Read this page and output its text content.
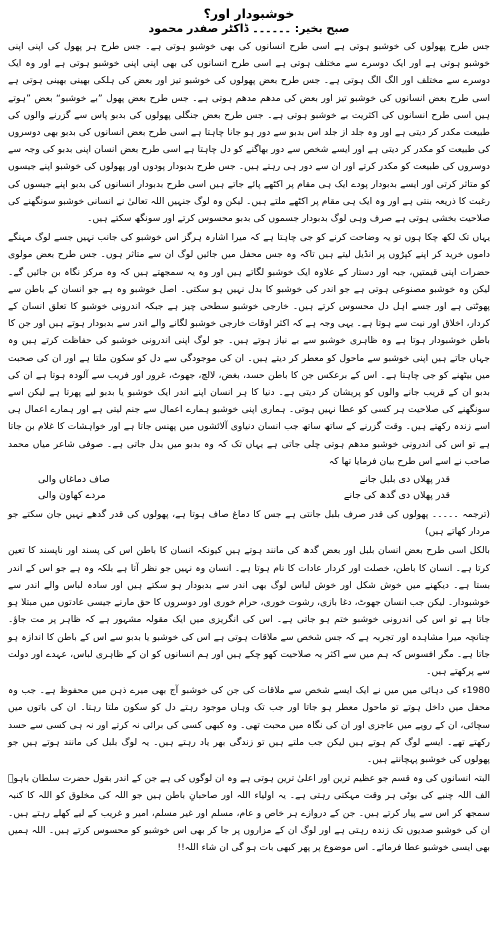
خوشبودار اور؟
صبح بخیر: ۔۔۔۔۔۔ ڈاکٹر صفدر محمود

جس طرح پھولوں کی خوشبو ہوتی ہے اسی طرح انسانوں کی بھی خوشبو ہوتی ہے۔ جس طرح ہر پھول کی اپنی اپنی خوشبو ہوتی ہے اور ایک دوسرے سے مختلف ہوتی ہے اسی طرح انسانوں کی بھی اپنی اپنی خوشبو ہوتی ہے اور وہ ایک دوسرے سے مختلف اور الگ الگ ہوتی ہے۔ جس طرح بعض پھولوں کی خوشبو تیز اور بعض کی ہلکی بھینی بھینی ہوتی ہے اسی طرح بعض انسانوں کی خوشبو تیز اور بعض کی مدھم مدھم ہوتی ہے۔ جس طرح بعض پھول ”بے خوشبو“ بعض ”ہوتے ہیں اسی طرح انسانوں کی اکثریت بے خوشبو ہوتی ہے۔ جس طرح بعض جنگلی پھولوں کی بدبو پاس سے گزرنے والوں کی طبیعت مکدر کر دیتی ہے اور وہ جلد از جلد اس بدبو سے دور ہو جانا چاہتا ہے اسی طرح بعض انسانوں کی بدبو بھی دوسروں کی طبیعت کو مکدر کر دیتی ہے اور ایسے شخص سے دور بھاگنے کو دل چاہتا ہے اسی طرح بعض انسان اپنی بدبو کی وجہ سے دوسروں کی طبیعت کو مکدر کرتے اور ان سے دور ہی رہتے ہیں۔ جس طرح بدبودار پودوں اور پھولوں کی خوشبو اپنے جیسوں کو متاثر کرتی اور ایسے بدبودار پودے ایک ہی مقام پر اکٹھے پائے جاتے ہیں اسی طرح بدبودار انسانوں کی بدبو اپنے جیسوں کی رغبت کا ذریعہ بنتی ہے اور وہ ایک ہی مقام پر اکٹھے ملتے ہیں۔ لیکن وہ لوگ جنہیں اللہ تعالیٰ نے انسانی خوشبو سونگھنے کی صلاحیت بخشی ہوتی ہے صرف وہی لوگ بدبودار جسموں کی بدبو محسوس کرتے اور سونگھ سکتے ہیں۔

یہاں تک لکھ چکا ہوں تو یہ وضاحت کرنے کو جی چاہتا ہے کہ میرا اشارہ ہرگز اس خوشبو کی جانب نہیں جسے لوگ مہنگے داموں خرید کر اپنے کپڑوں پر انڈیل لیتے ہیں تاکہ وہ جس محفل میں جائیں لوگ ان سے متاثر ہوں۔ جس طرح بعض مولوی حضرات اپنی قیمتیں، جبہ اور دستار کے علاوہ ایک خوشبو لگاتے ہیں اور وہ یہ سمجھتے ہیں کہ وہ مرکز نگاہ بن جائیں گے۔ لیکن وہ خوشبو مصنوعی ہوتی ہے جو اندر کی خوشبو کا بدل نہیں ہو سکتی۔ اصل خوشبو وہ ہے جو انسان کے باطن سے پھوٹتی ہے اور جسے اہل دل محسوس کرتے ہیں۔ خارجی خوشبو سطحی چیز ہے جبکہ اندرونی خوشبو کا تعلق انسان کے کردار، اخلاق اور نیت سے ہوتا ہے۔ یہی وجہ ہے کہ اکثر اوقات خارجی خوشبو لگانے والے اندر سے بدبودار ہوتے ہیں اور جن کا باطن خوشبودار ہوتا ہے وہ ظاہری خوشبو سے بے نیاز ہوتے ہیں۔ جو لوگ اپنی اندرونی خوشبو کی حفاظت کرتے ہیں وہ جہاں جاتے ہیں اپنی خوشبو سے ماحول کو معطر کر دیتے ہیں۔ ان کی موجودگی سے دل کو سکون ملتا ہے اور ان کی صحبت میں بیٹھنے کو جی چاہتا ہے۔ اس کے برعکس جن کا باطن حسد، بغض، لالچ، جھوٹ، غرور اور فریب سے آلودہ ہوتا ہے ان کی بدبو ان کے قریب جانے والوں کو پریشان کر دیتی ہے۔ دنیا کا ہر انسان اپنے اندر ایک خوشبو یا بدبو لیے پھرتا ہے لیکن اسے سونگھنے کی صلاحیت ہر کسی کو عطا نہیں ہوتی۔ ہماری اپنی خوشبو ہمارے اعمال سے جنم لیتی ہے اور ہمارے اعمال ہی اسے زندہ رکھتے ہیں۔ وقت گزرنے کے ساتھ ساتھ جب انسان دنیاوی آلائشوں میں پھنس جاتا ہے اور خواہشات کا غلام بن جاتا ہے تو اس کی اندرونی خوشبو مدھم ہوتی چلی جاتی ہے یہاں تک کہ وہ بدبو میں بدل جاتی ہے۔ صوفی شاعر میاں محمد صاحب نے اسے اس طرح بیان فرمایا تھا کہ

قدر پھلاں دی بلبل جانے
صاف دماغاں والی
قدر پھلاں دی گدھ کی جانے
مردے کھاون والی

(ترجمہ ۔۔۔۔۔ پھولوں کی قدر صرف بلبل جانتی ہے جس کا دماغ صاف ہوتا ہے، پھولوں کی قدر گدھے نہیں جان سکتے جو مردار کھاتے ہیں)

بالکل اسی طرح بعض انسان بلبل اور بعض گدھ کی مانند ہوتے ہیں کیونکہ انسان کا باطن اس کی پسند اور ناپسند کا تعین کرتا ہے۔ انسان کا باطن، خصلت اور کردار عادات کا نام ہوتا ہے۔ انسان وہ نہیں جو نظر آتا ہے بلکہ وہ ہے جو اس کے اندر بستا ہے۔ دیکھنے میں خوش شکل اور خوش لباس لوگ بھی اندر سے بدبودار ہو سکتے ہیں اور سادہ لباس والے اندر سے خوشبودار۔ لیکن جب انسان جھوٹ، دغا بازی، رشوت خوری، حرام خوری اور دوسروں کا حق مارنے جیسی عادتوں میں مبتلا ہو جاتا ہے تو اس کی اندرونی خوشبو ختم ہو جاتی ہے۔ اس کی انگریزی میں ایک مقولہ مشہور ہے کہ ظاہر پر مت جاؤ۔ چنانچہ میرا مشاہدہ اور تجربہ ہے کہ جس شخص سے ملاقات ہوتی ہے اس کی خوشبو یا بدبو سے اس کے باطن کا اندازہ ہو جاتا ہے۔ مگر افسوس کہ ہم میں سے اکثر یہ صلاحیت کھو چکے ہیں اور ہم انسانوں کو ان کے ظاہری لباس، عہدے اور دولت سے پرکھتے ہیں۔

1980ء کی دہائی میں میں نے ایک ایسے شخص سے ملاقات کی جن کی خوشبو آج بھی میرے ذہن میں محفوظ ہے۔ جب وہ محفل میں داخل ہوتے تو ماحول معطر ہو جاتا اور جب تک وہاں موجود رہتے دل کو سکون ملتا رہتا۔ ان کی باتوں میں سچائی، ان کے رویے میں عاجزی اور ان کی نگاہ میں محبت تھی۔ وہ کبھی کسی کی برائی نہ کرتے اور نہ ہی کسی سے حسد رکھتے تھے۔ ایسے لوگ کم ہوتے ہیں لیکن جب ملتے ہیں تو زندگی بھر یاد رہتے ہیں۔ یہ لوگ بلبل کی مانند ہوتے ہیں جو پھولوں کی خوشبو پہچانتے ہیں۔

البتہ انسانوں کی وہ قسم جو عظیم ترین اور اعلیٰ ترین ہوتی ہے وہ ان لوگوں کی ہے جن کے اندر بقول حضرت سلطان باہوؒ الف اللہ چنبے کی بوٹی ہر وقت مہکتی رہتی ہے۔ یہ اولیاء اللہ اور صاحبانِ باطن ہیں جو اللہ کی مخلوق کو اللہ کا کنبہ سمجھ کر اس سے پیار کرتے ہیں۔ جن کے دروازے ہر خاص و عام، مسلم اور غیر مسلم، امیر و غریب کے لیے کھلے رہتے ہیں۔ ان کی خوشبو صدیوں تک زندہ رہتی ہے اور لوگ ان کے مزاروں پر جا کر بھی اس خوشبو کو محسوس کرتے ہیں۔ اللہ ہمیں بھی ایسی خوشبو عطا فرمائے۔ اس موضوع پر پھر کبھی بات ہو گی ان شاء اللہ!!
